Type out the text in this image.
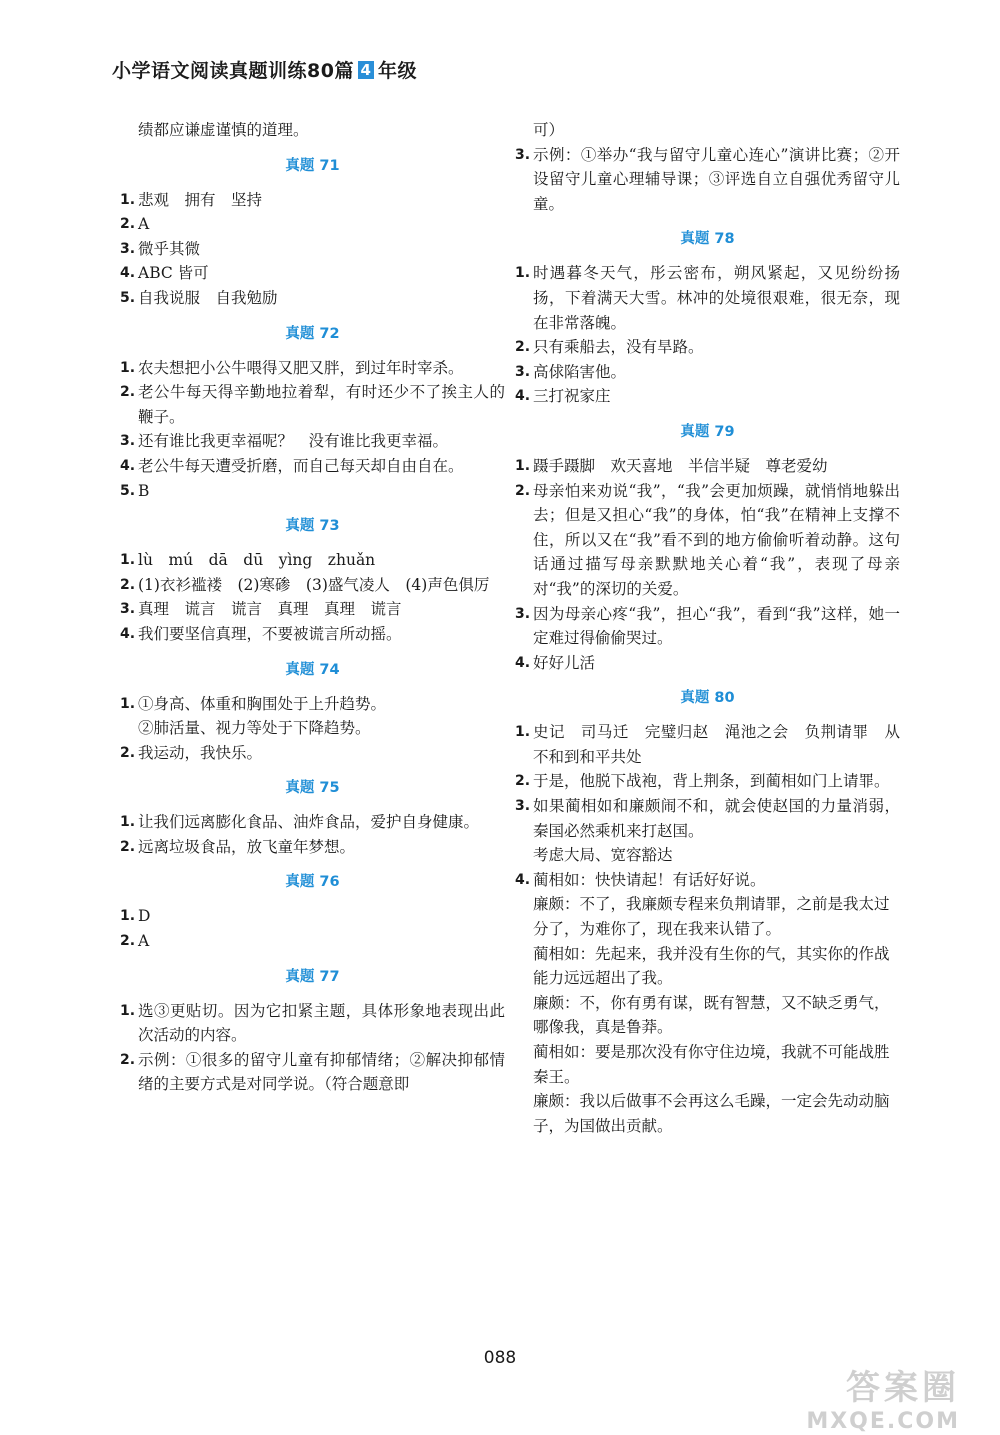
小学语文阅读真题训练80篇 4 年级
绩都应谦虚谨慎的道理。
真题 71
1. 悲观　拥有　坚持
2. A
3. 微乎其微
4. ABC 皆可
5. 自我说服　自我勉励
真题 72
1. 农夫想把小公牛喂得又肥又胖，到过年时宰杀。
2. 老公牛每天得辛勤地拉着犁，有时还少不了挨主人的鞭子。
3. 还有谁比我更幸福呢？　没有谁比我更幸福。
4. 老公牛每天遭受折磨，而自己每天却自由自在。
5. B
真题 73
1. lù　mú　dā　dū　yìng　zhuǎn
2. (1)衣衫褴褛　(2)寒碜　(3)盛气凌人　(4)声色俱厉
3. 真理　谎言　谎言　真理　真理　谎言
4. 我们要坚信真理，不要被谎言所动摇。
真题 74
1. ①身高、体重和胸围处于上升趋势。
②肺活量、视力等处于下降趋势。
2. 我运动，我快乐。
真题 75
1. 让我们远离膨化食品、油炸食品，爱护自身健康。
2. 远离垃圾食品，放飞童年梦想。
真题 76
1. D
2. A
真题 77
1. 选③更贴切。因为它扣紧主题，具体形象地表现出此次活动的内容。
2. 示例：①很多的留守儿童有抑郁情绪；②解决抑郁情绪的主要方式是对同学说。（符合题意即
可）
3. 示例：①举办“我与留守儿童心连心”演讲比赛；②开设留守儿童心理辅导课；③评选自立自强优秀留守儿童。
真题 78
1. 时遇暮冬天气，彤云密布，朔风紧起，又见纷纷扬扬，下着满天大雪。林冲的处境很艰难，很无奈，现在非常落魄。
2. 只有乘船去，没有旱路。
3. 高俅陷害他。
4. 三打祝家庄
真题 79
1. 蹑手蹑脚　欢天喜地　半信半疑　尊老爱幼
2. 母亲怕来劝说“我”，“我”会更加烦躁，就悄悄地躲出去；但是又担心“我”的身体，怕“我”在精神上支撑不住，所以又在“我”看不到的地方偷偷听着动静。这句话通过描写母亲默默地关心着“我”，表现了母亲对“我”的深切的关爱。
3. 因为母亲心疼“我”，担心“我”，看到“我”这样，她一定难过得偷偷哭过。
4. 好好儿活
真题 80
1. 史记　司马迁　完璧归赵　渑池之会　负荆请罪　从不和到和平共处
2. 于是，他脱下战袍，背上荆条，到蔺相如门上请罪。
3. 如果蔺相如和廉颇闹不和，就会使赵国的力量消弱，秦国必然乘机来打赵国。
考虑大局、宽容豁达
4. 蔺相如：快快请起！有话好好说。
廉颇：不了，我廉颇专程来负荆请罪，之前是我太过分了，为难你了，现在我来认错了。
蔺相如：先起来，我并没有生你的气，其实你的作战能力远远超出了我。
廉颇：不，你有勇有谋，既有智慧，又不缺乏勇气，哪像我，真是鲁莽。
蔺相如：要是那次没有你守住边境，我就不可能战胜秦王。
廉颇：我以后做事不会再这么毛躁，一定会先动动脑子，为国做出贡献。
088
答案圈
MXQE.COM
